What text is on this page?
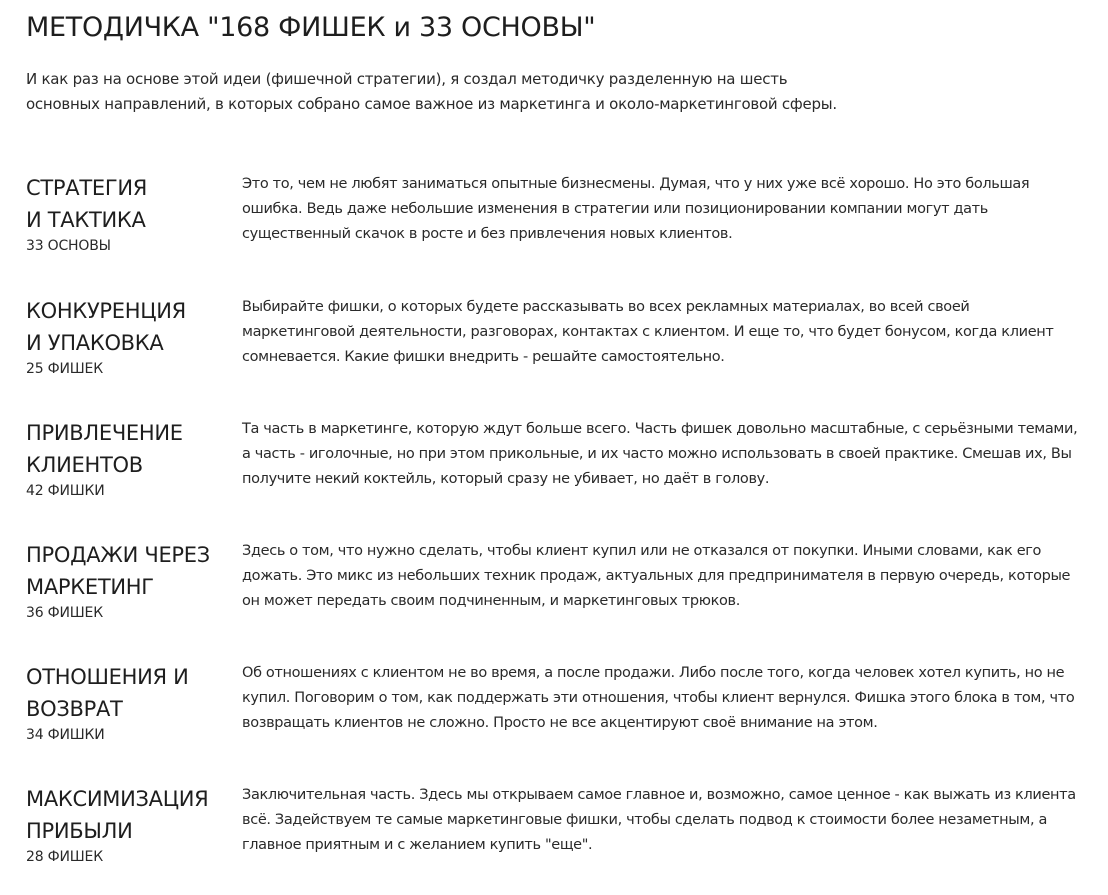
МЕТОДИЧКА "168 ФИШЕК и 33 ОСНОВЫ"
И как раз на основе этой идеи (фишечной стратегии), я создал методичку разделенную на шесть
основных направлений, в которых собрано самое важное из маркетинга и около-маркетинговой сферы.
СТРАТЕГИЯ
И ТАКТИКА
33 ОСНОВЫ
Это то, чем не любят заниматься опытные бизнесмены. Думая, что у них уже всё хорошо. Но это большая
ошибка. Ведь даже небольшие изменения в стратегии или позиционировании компании могут дать
существенный скачок в росте и без привлечения новых клиентов.
КОНКУРЕНЦИЯ
И УПАКОВКА
25 ФИШЕК
Выбирайте фишки, о которых будете рассказывать во всех рекламных материалах, во всей своей
маркетинговой деятельности, разговорах, контактах с клиентом. И еще то, что будет бонусом, когда клиент
сомневается. Какие фишки внедрить - решайте самостоятельно.
ПРИВЛЕЧЕНИЕ
КЛИЕНТОВ
42 ФИШКИ
Та часть в маркетинге, которую ждут больше всего. Часть фишек довольно масштабные, с серьёзными темами,
а часть - иголочные, но при этом прикольные, и их часто можно использовать в своей практике. Смешав их, Вы
получите некий коктейль, который сразу не убивает, но даёт в голову.
ПРОДАЖИ ЧЕРЕЗ
МАРКЕТИНГ
36 ФИШЕК
Здесь о том, что нужно сделать, чтобы клиент купил или не отказался от покупки. Иными словами, как его
дожать. Это микс из небольших техник продаж, актуальных для предпринимателя в первую очередь, которые
он может передать своим подчиненным, и маркетинговых трюков.
ОТНОШЕНИЯ И
ВОЗВРАТ
34 ФИШКИ
Об отношениях с клиентом не во время, а после продажи. Либо после того, когда человек хотел купить, но не
купил. Поговорим о том, как поддержать эти отношения, чтобы клиент вернулся. Фишка этого блока в том, что
возвращать клиентов не сложно. Просто не все акцентируют своё внимание на этом.
МАКСИМИЗАЦИЯ
ПРИБЫЛИ
28 ФИШЕК
Заключительная часть. Здесь мы открываем самое главное и, возможно, самое ценное - как выжать из клиента
всё. Задействуем те самые маркетинговые фишки, чтобы сделать подвод к стоимости более незаметным, а
главное приятным и с желанием купить "еще".
